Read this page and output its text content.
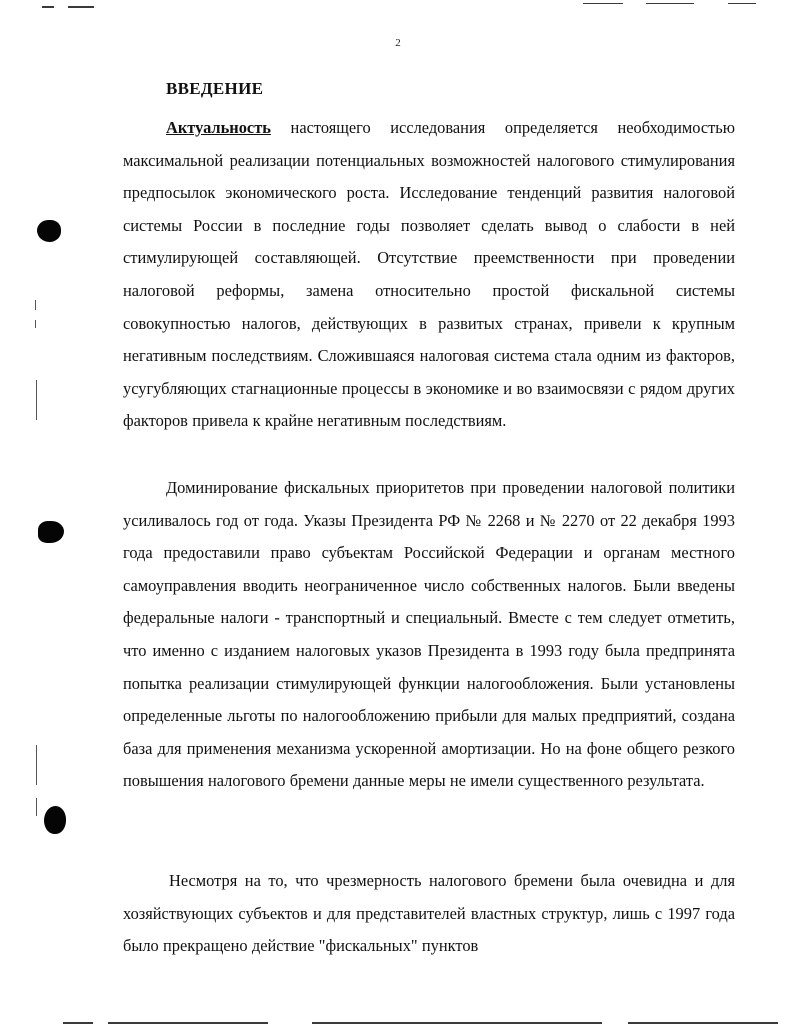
2
ВВЕДЕНИЕ

Актуальность настоящего исследования определяется необходимостью максимальной реализации потенциальных возможностей налогового стимулирования предпосылок экономического роста. Исследование тенденций развития налоговой системы России в последние годы позволяет сделать вывод о слабости в ней стимулирующей составляющей. Отсутствие преемственности при проведении налоговой реформы, замена относительно простой фискальной системы совокупностью налогов, действующих в развитых странах, привели к крупным негативным последствиям. Сложившаяся налоговая система стала одним из факторов, усугубляющих стагнационные процессы в экономике и во взаимосвязи с рядом других факторов привела к крайне негативным последствиям.

Доминирование фискальных приоритетов при проведении налоговой политики усиливалось год от года. Указы Президента РФ № 2268 и № 2270 от 22 декабря 1993 года предоставили право субъектам Российской Федерации и органам местного самоуправления вводить неограниченное число собственных налогов. Были введены федеральные налоги - транспортный и специальный. Вместе с тем следует отметить, что именно с изданием налоговых указов Президента в 1993 году была предпринята попытка реализации стимулирующей функции налогообложения. Были установлены определенные льготы по налогообложению прибыли для малых предприятий, создана база для применения механизма ускоренной амортизации. Но на фоне общего резкого повышения налогового бремени данные меры не имели существенного результата.

Несмотря на то, что чрезмерность налогового бремени была очевидна и для хозяйствующих субъектов и для представителей властных структур, лишь с 1997 года было прекращено действие "фискальных" пунктов
